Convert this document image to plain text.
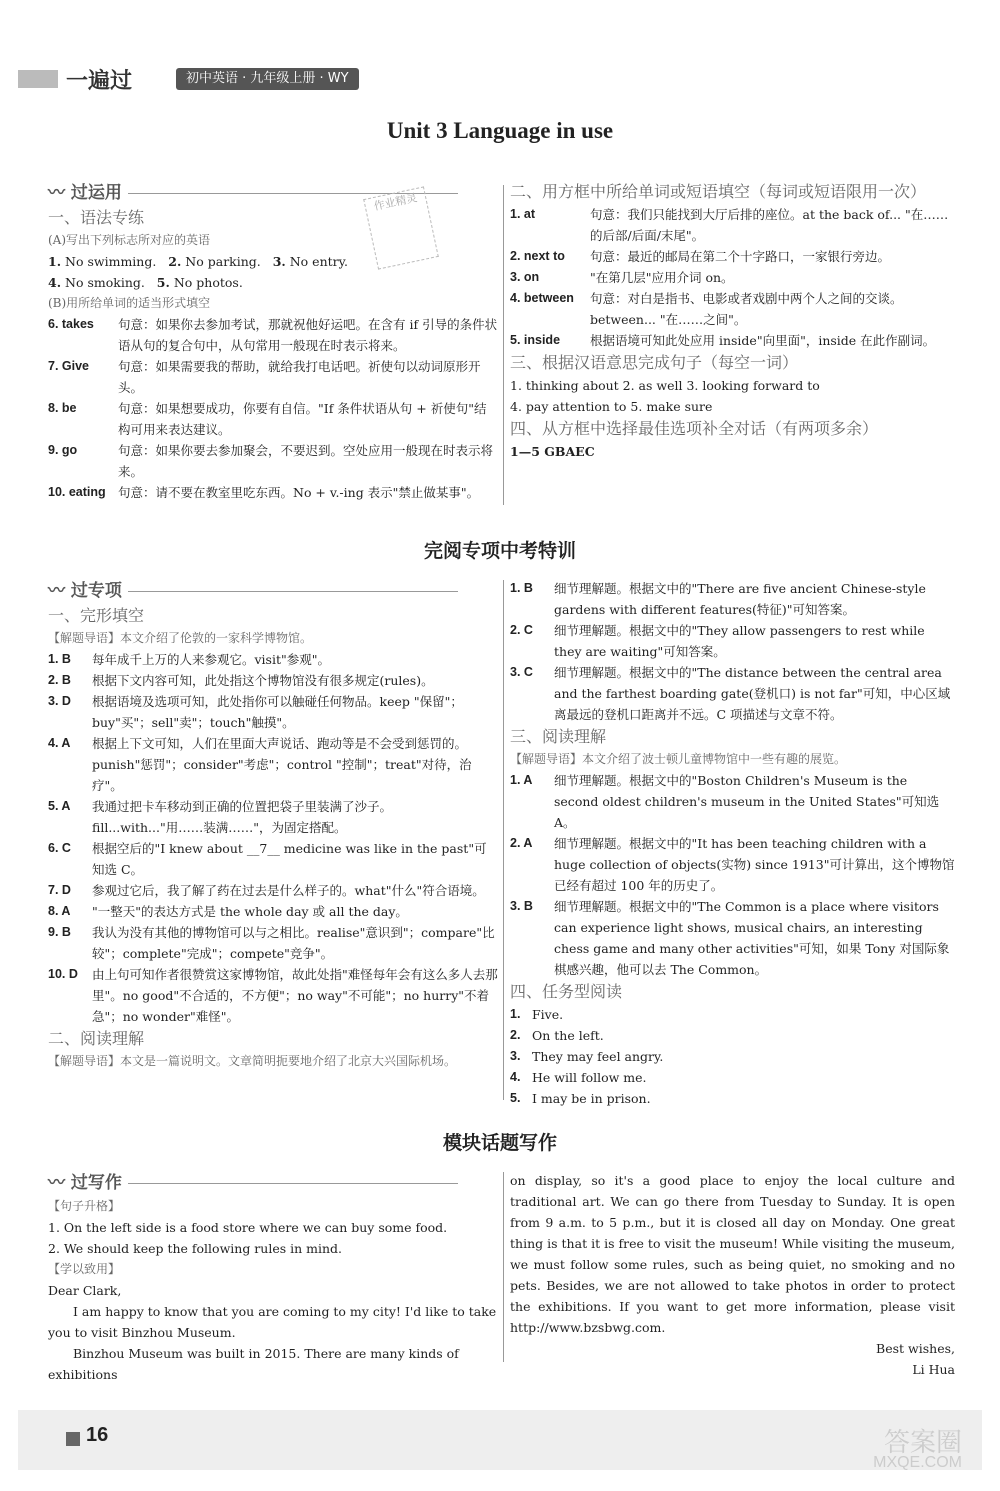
一遍过	初中英语 · 九年级上册 · WY
Unit 3 Language in use

〰 过运用

一、语法专练

(A)写出下列标志所对应的英语

1. No swimming. 2. No parking. 3. No entry.

4. No smoking. 5. No photos.

(B)用所给单词的适当形式填空

6. takes	句意：如果你去参加考试，那就祝他好运吧。在含有 if 引导的条件状语从句的复合句中，从句常用一般现在时表示将来。
7. Give	句意：如果需要我的帮助，就给我打电话吧。祈使句以动词原形开头。
8. be	句意：如果想要成功，你要有自信。"If 条件状语从句 + 祈使句"结构可用来表达建议。
9. go	句意：如果你要去参加聚会，不要迟到。空处应用一般现在时表示将来。
10. eating 句意：请不要在教室里吃东西。No + v.-ing 表示"禁止做某事"。
作业精灵	二、用方框中所给单词或短语填空（每词或短语限用一次）

1. at	句意：我们只能找到大厅后排的座位。at the back of... "在……的后部/后面/末尾"。
2. next to	句意：最近的邮局在第二个十字路口，一家银行旁边。
3. on	"在第几层"应用介词 on。
4. between	句意：对白是指书、电影或者戏剧中两个人之间的交谈。between... "在……之间"。
5. inside	根据语境可知此处应用 inside"向里面"，inside 在此作副词。

三、根据汉语意思完成句子（每空一词）

1. thinking about 2. as well 3. looking forward to

4. pay attention to 5. make sure

四、从方框中选择最佳选项补全对话（有两项多余）

1—5 GBAEC

完阅专项中考特训

〰 过专项

一、完形填空

【解题导语】本文介绍了伦敦的一家科学博物馆。

1. B	每年成千上万的人来参观它。visit"参观"。
2. B	根据下文内容可知，此处指这个博物馆没有很多规定(rules)。
3. D	根据语境及选项可知，此处指你可以触碰任何物品。keep "保留"；buy"买"；sell"卖"；touch"触摸"。
4. A	根据上下文可知，人们在里面大声说话、跑动等是不会受到惩罚的。punish"惩罚"；consider"考虑"；control "控制"；treat"对待，治疗"。
5. A	我通过把卡车移动到正确的位置把袋子里装满了沙子。fill...with..."用……装满……"，为固定搭配。
6. C	根据空后的"I knew about __7__ medicine was like in the past"可知选 C。
7. D	参观过它后，我了解了药在过去是什么样子的。what"什么"符合语境。
8. A	"一整天"的表达方式是 the whole day 或 all the day。
9. B	我认为没有其他的博物馆可以与之相比。realise"意识到"；compare"比较"；complete"完成"；compete"竞争"。
10. D	由上句可知作者很赞赏这家博物馆，故此处指"难怪每年会有这么多人去那里"。no good"不合适的，不方便"；no way"不可能"；no hurry"不着急"；no wonder"难怪"。

二、阅读理解

【解题导语】本文是一篇说明文。文章简明扼要地介绍了北京大兴国际机场。

1. B	细节理解题。根据文中的"There are five ancient Chinese-style gardens with different features(特征)"可知答案。
2. C	细节理解题。根据文中的"They allow passengers to rest while they are waiting"可知答案。
3. C	细节理解题。根据文中的"The distance between the central area and the farthest boarding gate(登机口) is not far"可知，中心区域离最远的登机口距离并不远。C 项描述与文章不符。

三、阅读理解

【解题导语】本文介绍了波士顿儿童博物馆中一些有趣的展览。

1. A	细节理解题。根据文中的"Boston Children's Museum is the second oldest children's museum in the United States"可知选 A。
2. A	细节理解题。根据文中的"It has been teaching children with a huge collection of objects(实物) since 1913"可计算出，这个博物馆已经有超过 100 年的历史了。
3. B	细节理解题。根据文中的"The Common is a place where visitors can experience light shows, musical chairs, an interesting chess game and many other activities"可知，如果 Tony 对国际象棋感兴趣，他可以去 The Common。

四、任务型阅读

1. Five.
2. On the left.
3. They may feel angry.
4. He will follow me.
5. I may be in prison.
模块话题写作

〰 过写作

【句子升格】

1. On the left side is a food store where we can buy some food.

2. We should keep the following rules in mind.

【学以致用】

Dear Clark,

I am happy to know that you are coming to my city! I'd like to take you to visit Binzhou Museum.

Binzhou Museum was built in 2015. There are many kinds of exhibitions

on display, so it's a good place to enjoy the local culture and traditional art. We can go there from Tuesday to Sunday. It is open from 9 a.m. to 5 p.m., but it is closed all day on Monday. One great thing is that it is free to visit the museum! While visiting the museum, we must follow some rules, such as being quiet, no smoking and no pets. Besides, we are not allowed to take photos in order to protect the exhibitions. If you want to get more information, please visit http://www.bzsbwg.com.

Best wishes,

Li Hua

16	答案圈
MXQE.COM
